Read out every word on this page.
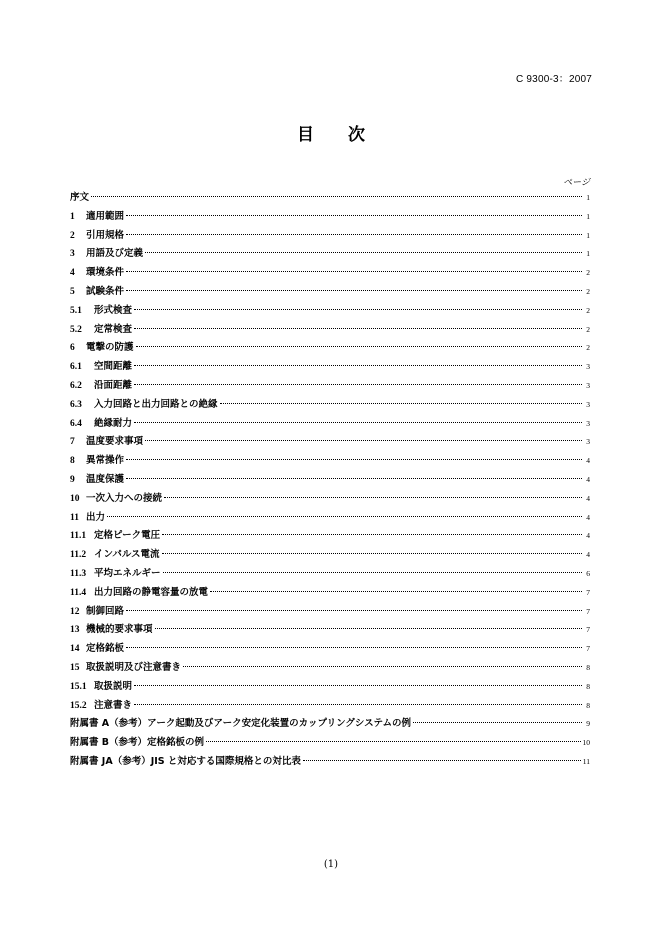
C 9300-3：2007
目 次
ページ
序文	1
1	適用範囲	1
2	引用規格	1
3	用語及び定義	1
4	環境条件	2
5	試験条件	2
5.1	形式検査	2
5.2	定常検査	2
6	電撃の防護	2
6.1	空間距離	3
6.2	沿面距離	3
6.3	入力回路と出力回路との絶縁	3
6.4	絶縁耐力	3
7	温度要求事項	3
8	異常操作	4
9	温度保護	4
10 一次入力への接続	4
11 出力	4
11.1 定格ピーク電圧	4
11.2 インパルス電流	4
11.3 平均エネルギー	6
11.4 出力回路の静電容量の放電	7
12 制御回路	7
13 機械的要求事項	7
14 定格銘板	7
15 取扱説明及び注意書き	8
15.1 取扱説明	8
15.2 注意書き	8
附属書 A（参考）アーク起動及びアーク安定化装置のカップリングシステムの例	9
附属書 B（参考）定格銘板の例	10
附属書 JA（参考）JIS と対応する国際規格との対比表	11
(1)
